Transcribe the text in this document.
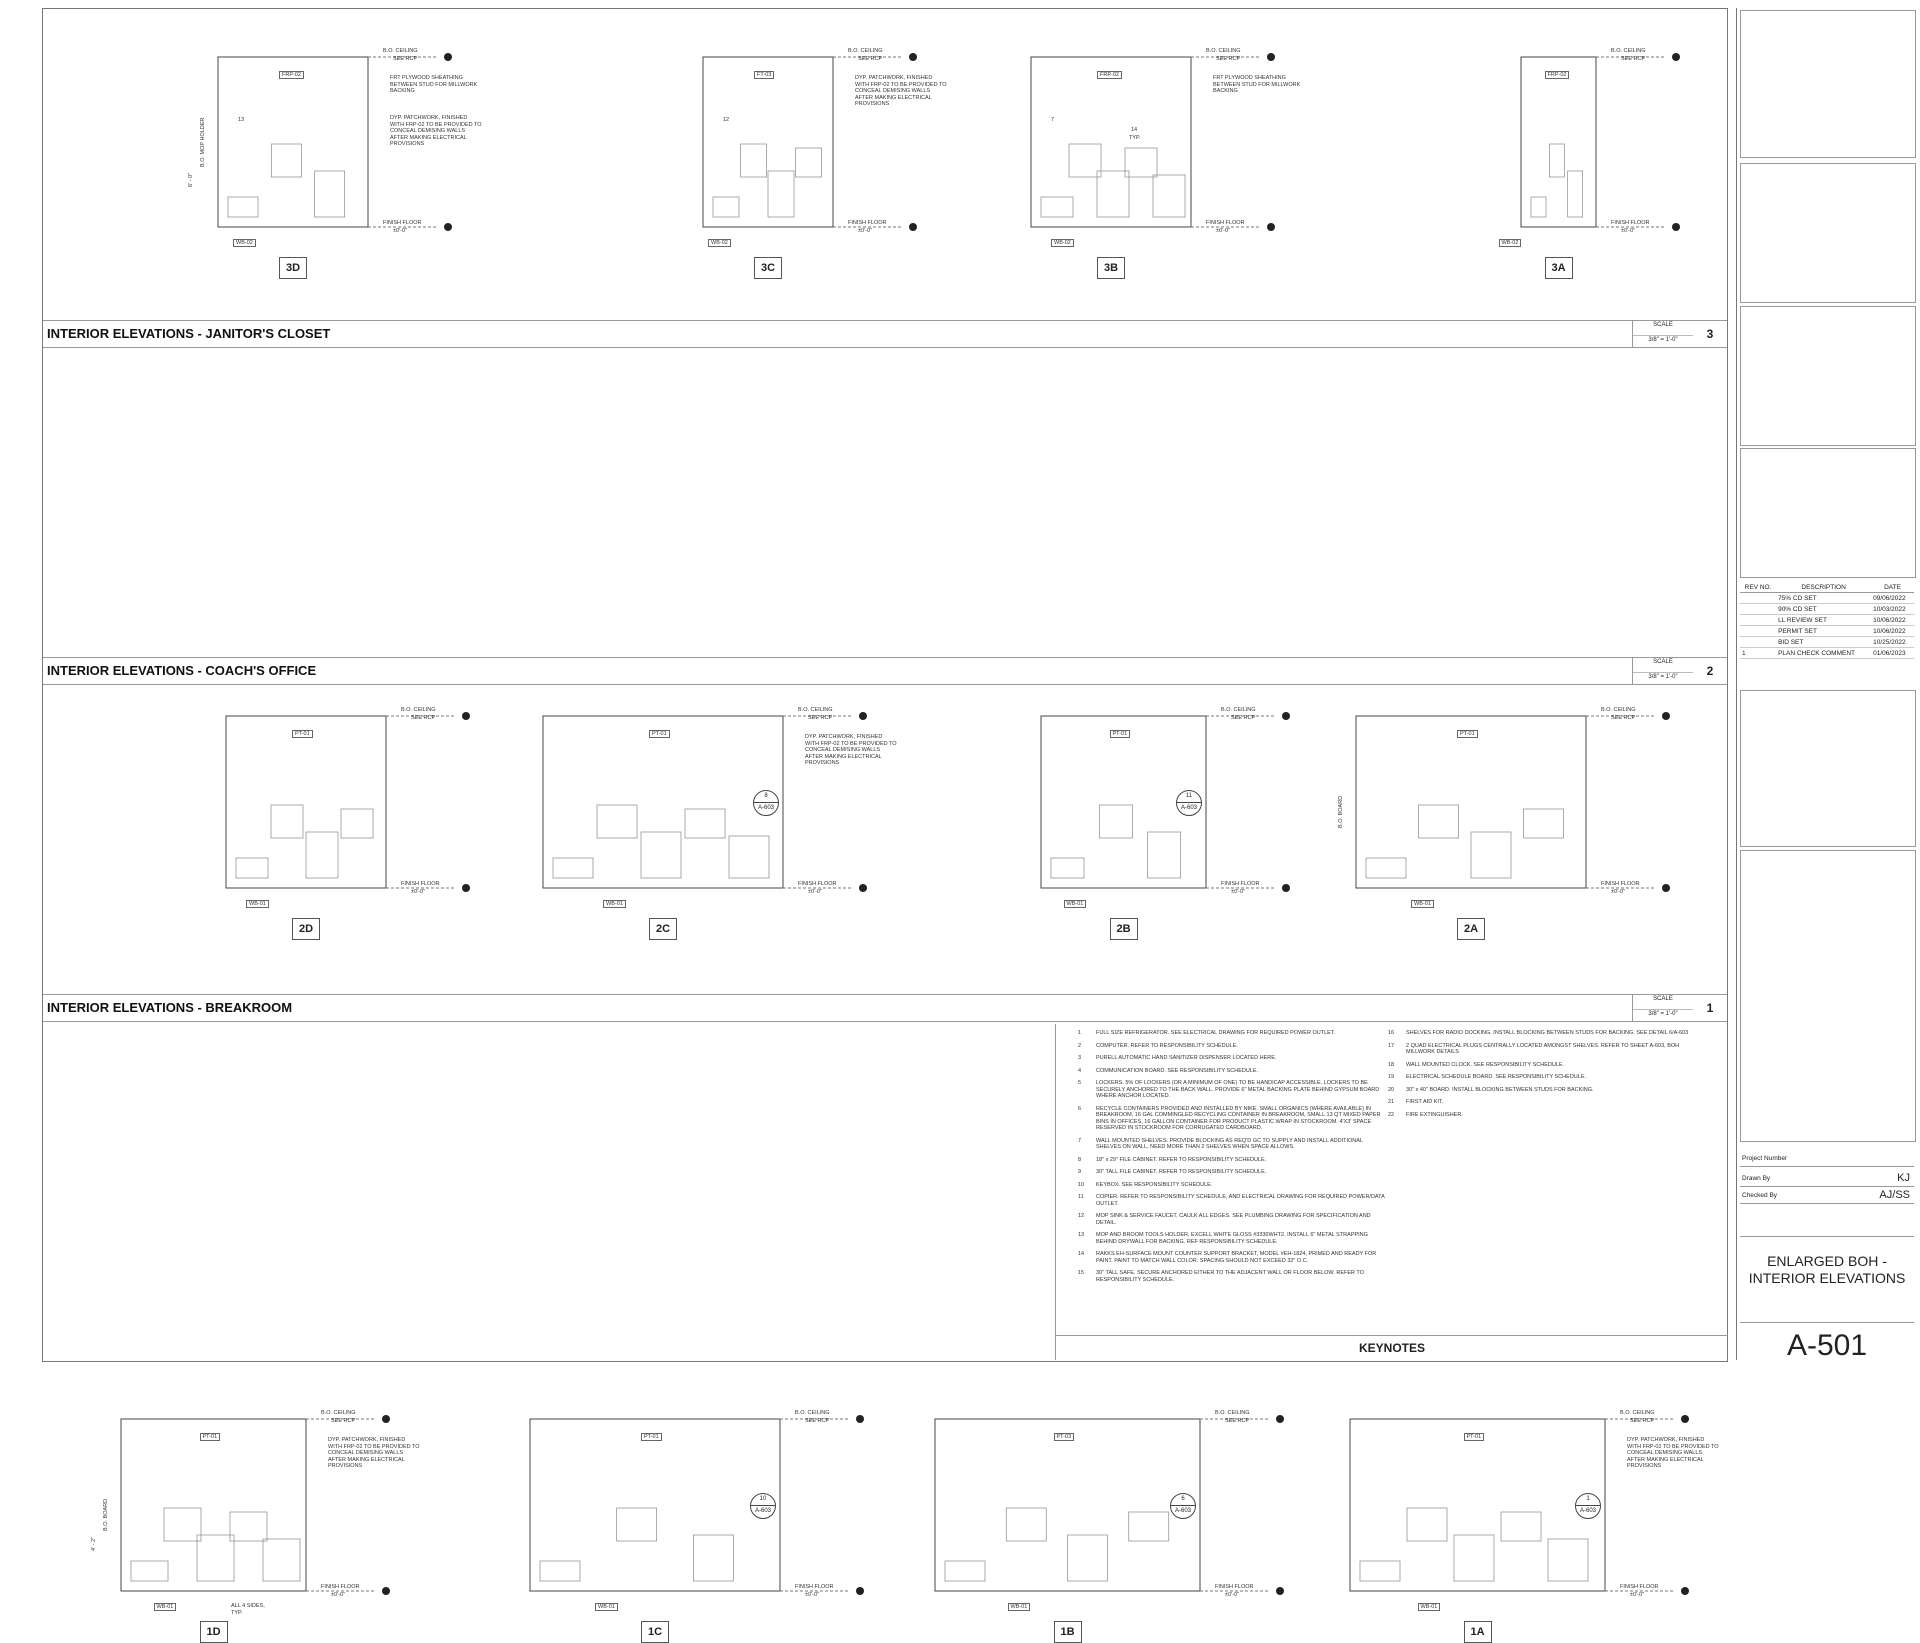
B.O. CEILING
SEE RCP
FINISH FLOOR
±0'-0"
FRP-02
WB-02
FRT PLYWOOD SHEATHING BETWEEN STUD FOR MILLWORK BACKING
DYP. PATCHWORK, FINISHED WITH FRP-02 TO BE PROVIDED TO CONCEAL DEMISING WALLS AFTER MAKING ELECTRICAL PROVISIONS
13
B.O. MOP HOLDER
6' - 0"
3D
B.O. CEILING
SEE RCP
FINISH FLOOR
±0'-0"
FT-03
WB-02
DYP. PATCHWORK, FINISHED WITH FRP-02 TO BE PROVIDED TO CONCEAL DEMISING WALLS AFTER MAKING ELECTRICAL PROVISIONS
12
3C
B.O. CEILING
SEE RCP
FINISH FLOOR
±0'-0"
FRP-02
WB-02
FRT PLYWOOD SHEATHING BETWEEN STUD FOR MILLWORK BACKING
7
14
TYP.
3B
B.O. CEILING
SEE RCP
FINISH FLOOR
±0'-0"
FRP-02
WB-02
3A
INTERIOR ELEVATIONS - JANITOR'S CLOSET
SCALE
3/8" = 1'-0"	3
B.O. CEILING
SEE RCP
FINISH FLOOR
±0'-0"
PT-01
WB-01
2D
B.O. CEILING
SEE RCP
FINISH FLOOR
±0'-0"
PT-01
WB-01
DYP. PATCHWORK, FINISHED WITH FRP-02 TO BE PROVIDED TO CONCEAL DEMISING WALLS AFTER MAKING ELECTRICAL PROVISIONS
8
A-603
2C
B.O. CEILING
SEE RCP
FINISH FLOOR
±0'-0"
PT-01
WB-01
11
A-603
2B
B.O. CEILING
SEE RCP
FINISH FLOOR
±0'-0"
PT-01
WB-01
B.O. BOARD
2A
INTERIOR ELEVATIONS - COACH'S OFFICE
SCALE
3/8" = 1'-0"	2
B.O. CEILING
SEE RCP
FINISH FLOOR
±0'-0"
PT-01
WB-01
DYP. PATCHWORK, FINISHED WITH FRP-02 TO BE PROVIDED TO CONCEAL DEMISING WALLS AFTER MAKING ELECTRICAL PROVISIONS
B.O. BOARD
4' - 2"
ALL 4 SIDES, TYP.
1D
B.O. CEILING
SEE RCP
FINISH FLOOR
±0'-0"
PT-01
WB-01
10
A-603
1C
B.O. CEILING
SEE RCP
FINISH FLOOR
±0'-0"
PT-03
WB-01
6
A-603
1B
B.O. CEILING
SEE RCP
FINISH FLOOR
±0'-0"
PT-01
WB-01
DYP. PATCHWORK, FINISHED WITH FRP-02 TO BE PROVIDED TO CONCEAL DEMISING WALLS AFTER MAKING ELECTRICAL PROVISIONS
1
A-603
1A
INTERIOR ELEVATIONS - BREAKROOM
SCALE
3/8" = 1'-0"	1
1	FULL SIZE REFRIGERATOR. SEE ELECTRICAL DRAWING FOR REQUIRED POWER OUTLET.
2	COMPUTER. REFER TO RESPONSIBILITY SCHEDULE.
3	PURELL AUTOMATIC HAND SANITIZER DISPENSER LOCATED HERE.
4	COMMUNICATION BOARD. SEE RESPONSIBILITY SCHEDULE.
5	LOCKERS. 5% OF LOCKERS (OR A MINIMUM OF ONE) TO BE HANDICAP ACCESSIBLE. LOCKERS TO BE SECURELY ANCHORED TO THE BACK WALL. PROVIDE 6" METAL BACKING PLATE BEHIND GYPSUM BOARD WHERE ANCHOR LOCATED.
6	RECYCLE CONTAINERS PROVIDED AND INSTALLED BY NIKE. SMALL ORGANICS (WHERE AVAILABLE) IN BREAKROOM, 16 GAL COMMINGLED RECYCLING CONTAINER IN BREAKROOM, SMALL 13 QT MIXED PAPER BINS IN OFFICES, 16 GALLON CONTAINER FOR PRODUCT PLASTIC WRAP IN STOCKROOM. 4'X3' SPACE RESERVED IN STOCKROOM FOR CORRUGATED CARDBOARD.
7	WALL MOUNTED SHELVES. PROVIDE BLOCKING AS REQ'D GC TO SUPPLY AND INSTALL ADDITIONAL SHELVES ON WALL, NEED MORE THAN 2 SHELVES WHEN SPACE ALLOWS.
8	18" x 29" FILE CABINET. REFER TO RESPONSIBILITY SCHEDULE.
9	30" TALL FILE CABINET. REFER TO RESPONSIBILITY SCHEDULE.
10	KEYBOX. SEE RESPONSIBILITY SCHEDULE.
11	COPIER. REFER TO RESPONSIBILITY SCHEDULE, AND ELECTRICAL DRAWING FOR REQUIRED POWER/DATA OUTLET.
12	MOP SINK & SERVICE FAUCET. CAULK ALL EDGES. SEE PLUMBING DRAWING FOR SPECIFICATION AND DETAIL.
13	MOP AND BROOM TOOLS HOLDER, EXCELL WHITE GLOSS #3336WHT2. INSTALL 6" METAL STRAPPING BEHIND DRYWALL FOR BACKING. REF RESPONSIBILITY SCHEDULE.
14	RAKKS EH-SURFACE MOUNT COUNTER SUPPORT BRACKET, MODEL #EH-1824, PRIMED AND READY FOR PAINT. PAINT TO MATCH WALL COLOR. SPACING SHOULD NOT EXCEED 32" O.C.
15	30" TALL SAFE. SECURE ANCHORED EITHER TO THE ADJACENT WALL OR FLOOR BELOW. REFER TO RESPONSIBILITY SCHEDULE.
16	SHELVES FOR RADIO DOCKING. INSTALL BLOCKING BETWEEN STUDS FOR BACKING. SEE DETAIL 6/A-603
17	2 QUAD ELECTRICAL PLUGS CENTRALLY LOCATED AMONGST SHELVES. REFER TO SHEET A-603, BOH MILLWORK DETAILS
18	WALL MOUNTED CLOCK. SEE RESPONSIBILITY SCHEDULE.
19	ELECTRICAL SCHEDULE BOARD. SEE RESPONSIBILITY SCHEDULE.
20	30" x 40" BOARD. INSTALL BLOCKING BETWEEN STUDS FOR BACKING.
21	FIRST AID KIT.
22	FIRE EXTINGUISHER.
KEYNOTES
REV NO.	DESCRIPTION	DATE
	75% CD SET	09/06/2022
	90% CD SET	10/03/2022
	LL REVIEW SET	10/06/2022
	PERMIT SET	10/06/2022
	BID SET	10/25/2022
1	PLAN CHECK COMMENT	01/06/2023
Project Number
Drawn By	KJ
Checked By	AJ/SS
ENLARGED BOH - INTERIOR ELEVATIONS
A-501
